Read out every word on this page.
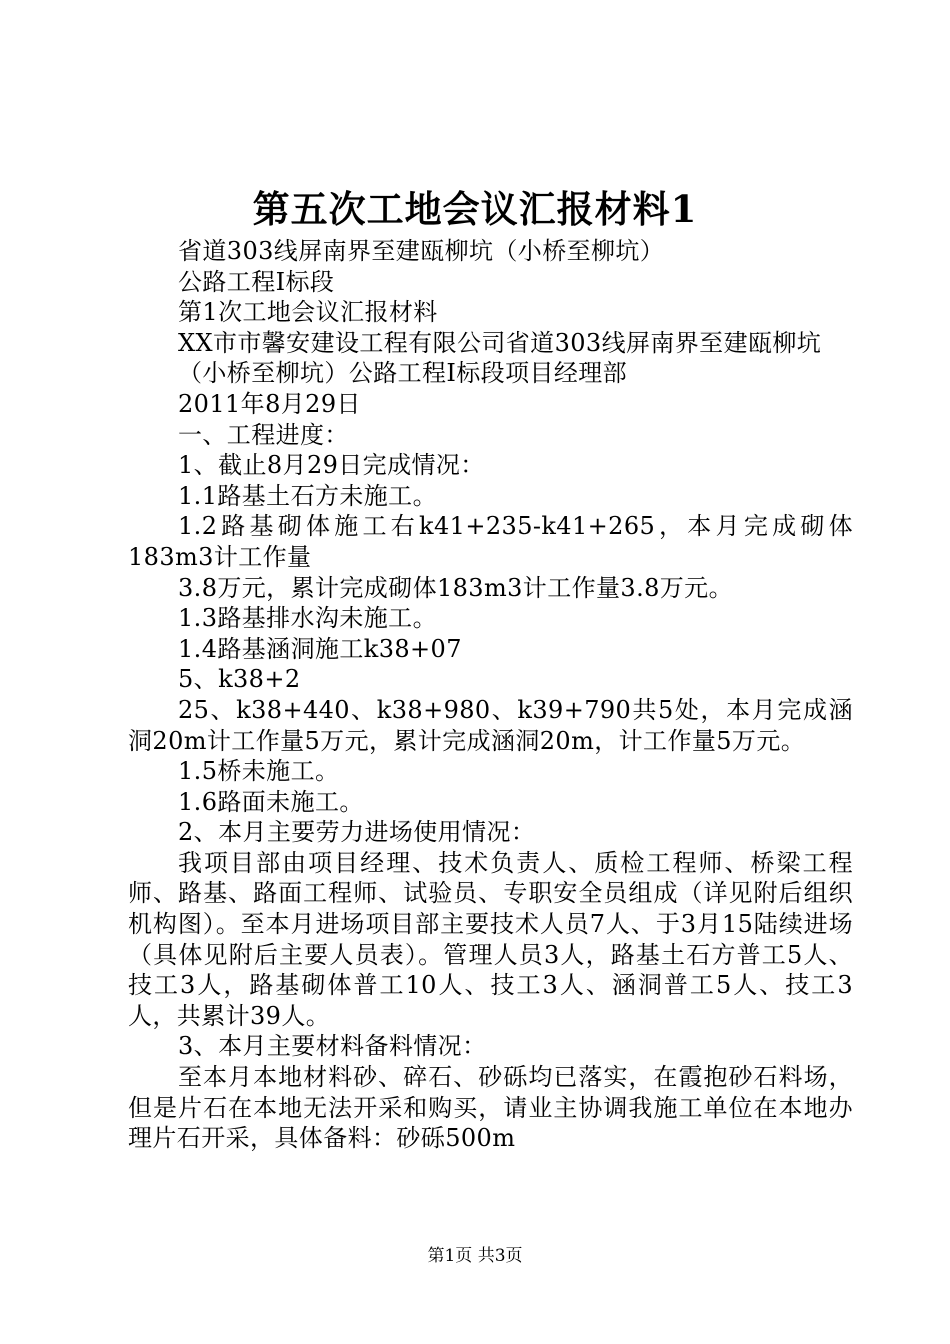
第五次工地会议汇报材料1

省道303线屏南界至建瓯柳坑（小桥至柳坑）

公路工程Ⅰ标段

第1次工地会议汇报材料

XX市市馨安建设工程有限公司省道303线屏南界至建瓯柳坑

（小桥至柳坑）公路工程Ⅰ标段项目经理部

2011年8月29日

一、工程进度：

1、截止8月29日完成情况：

1.1路基土石方未施工。

1.2路基砌体施工右k41+235-k41+265，本月完成砌体183m3计工作量

3.8万元，累计完成砌体183m3计工作量3.8万元。

1.3路基排水沟未施工。

1.4路基涵洞施工k38+07

5、k38+2

25、k38+440、k38+980、k39+790共5处，本月完成涵洞20m计工作量5万元，累计完成涵洞20m，计工作量5万元。

1.5桥未施工。

1.6路面未施工。

2、本月主要劳力进场使用情况：

我项目部由项目经理、技术负责人、质检工程师、桥梁工程师、路基、路面工程师、试验员、专职安全员组成（详见附后组织机构图）。至本月进场项目部主要技术人员7人、于3月15陆续进场（具体见附后主要人员表）。管理人员3人，路基土石方普工5人、技工3人，路基砌体普工10人、技工3人、涵洞普工5人、技工3人，共累计39人。

3、本月主要材料备料情况：

至本月本地材料砂、碎石、砂砾均已落实，在霞抱砂石料场，但是片石在本地无法开采和购买，请业主协调我施工单位在本地办理片石开采，具体备料：砂砾500m

第1页 共3页
